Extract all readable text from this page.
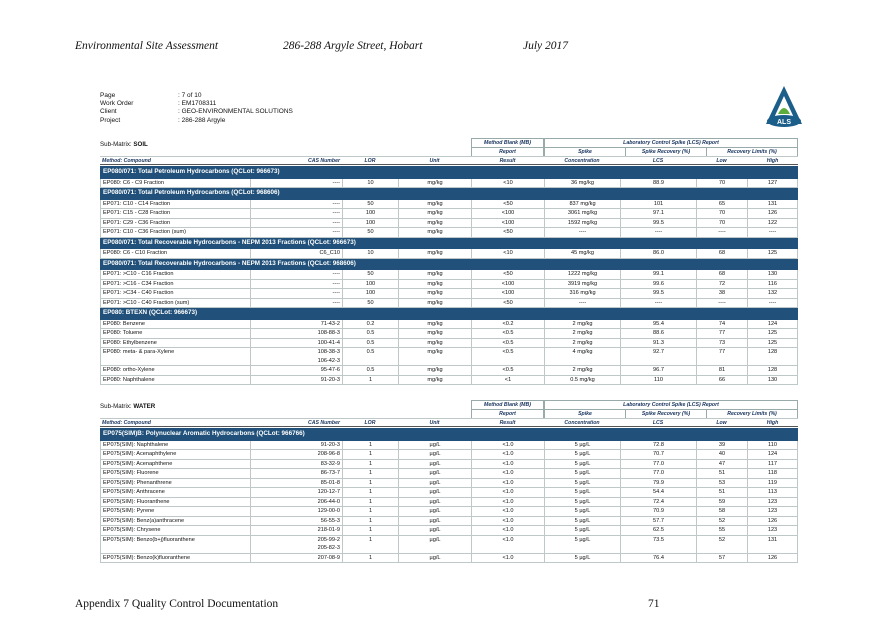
Environmental Site Assessment	286-288 Argyle Street, Hobart	July 2017
Page	: 7 of 10
Work Order	: EM1708311
Client	: GEO-ENVIRONMENTAL SOLUTIONS
Project	: 286-288 Argyle	ALS
Sub-Matrix: SOIL	Method Blank (MB)
Report
Laboratory Control Spike (LCS) Report
Spike	Spike Recovery (%)	Recovery Limits (%)
Method: Compound	CAS Number	LOR	Unit	Result	Concentration	LCS	Low	High
EP080/071: Total Petroleum Hydrocarbons (QCLot: 966673)								
EP080: C6 - C9 Fraction	----	10	mg/kg	<10	36 mg/kg	88.9	70	127
EP080/071: Total Petroleum Hydrocarbons (QCLot: 968606)								
EP071: C10 - C14 Fraction	----	50	mg/kg	<50	837 mg/kg	101	65	131
EP071: C15 - C28 Fraction	----	100	mg/kg	<100	3061 mg/kg	97.1	70	126
EP071: C29 - C36 Fraction	----	100	mg/kg	<100	1592 mg/kg	99.5	70	122
EP071: C10 - C36 Fraction (sum)	----	50	mg/kg	<50	----	----	----	----
EP080/071: Total Recoverable Hydrocarbons - NEPM 2013 Fractions (QCLot: 966673)								
EP080: C6 - C10 Fraction	C6_C10	10	mg/kg	<10	45 mg/kg	86.0	68	125
EP080/071: Total Recoverable Hydrocarbons - NEPM 2013 Fractions (QCLot: 968606)								
EP071: >C10 - C16 Fraction	----	50	mg/kg	<50	1222 mg/kg	99.1	68	130
EP071: >C16 - C34 Fraction	----	100	mg/kg	<100	3919 mg/kg	99.6	72	116
EP071: >C34 - C40 Fraction	----	100	mg/kg	<100	316 mg/kg	99.5	38	132
EP071: >C10 - C40 Fraction (sum)	----	50	mg/kg	<50	----	----	----	----
EP080: BTEXN (QCLot: 966673)								
EP080: Benzene	71-43-2	0.2	mg/kg	<0.2	2 mg/kg	95.4	74	124
EP080: Toluene	108-88-3	0.5	mg/kg	<0.5	2 mg/kg	88.6	77	125
EP080: Ethylbenzene	100-41-4	0.5	mg/kg	<0.5	2 mg/kg	91.3	73	125
EP080: meta- & para-Xylene	108-38-3
106-42-3	0.5	mg/kg	<0.5	4 mg/kg	92.7	77	128
EP080: ortho-Xylene	95-47-6	0.5	mg/kg	<0.5	2 mg/kg	96.7	81	128
EP080: Naphthalene	91-20-3	1	mg/kg	<1	0.5 mg/kg	110	66	130
Sub-Matrix: WATER	Method Blank (MB)
Report
Laboratory Control Spike (LCS) Report
Spike	Spike Recovery (%)	Recovery Limits (%)
Method: Compound	CAS Number	LOR	Unit	Result	Concentration	LCS	Low	High
EP075(SIM)B: Polynuclear Aromatic Hydrocarbons (QCLot: 966766)								
EP075(SIM): Naphthalene	91-20-3	1	µg/L	<1.0	5 µg/L	72.8	39	110
EP075(SIM): Acenaphthylene	208-96-8	1	µg/L	<1.0	5 µg/L	70.7	40	124
EP075(SIM): Acenaphthene	83-32-9	1	µg/L	<1.0	5 µg/L	77.0	47	117
EP075(SIM): Fluorene	86-73-7	1	µg/L	<1.0	5 µg/L	77.0	51	118
EP075(SIM): Phenanthrene	85-01-8	1	µg/L	<1.0	5 µg/L	79.9	53	119
EP075(SIM): Anthracene	120-12-7	1	µg/L	<1.0	5 µg/L	54.4	51	113
EP075(SIM): Fluoranthene	206-44-0	1	µg/L	<1.0	5 µg/L	72.4	59	123
EP075(SIM): Pyrene	129-00-0	1	µg/L	<1.0	5 µg/L	70.9	58	123
EP075(SIM): Benz(a)anthracene	56-55-3	1	µg/L	<1.0	5 µg/L	57.7	52	126
EP075(SIM): Chrysene	218-01-9	1	µg/L	<1.0	5 µg/L	62.5	55	123
EP075(SIM): Benzo(b+j)fluoranthene	205-99-2
205-82-3	1	µg/L	<1.0	5 µg/L	73.5	52	131
EP075(SIM): Benzo(k)fluoranthene	207-08-9	1	µg/L	<1.0	5 µg/L	76.4	57	126
Appendix 7 Quality Control Documentation	71
